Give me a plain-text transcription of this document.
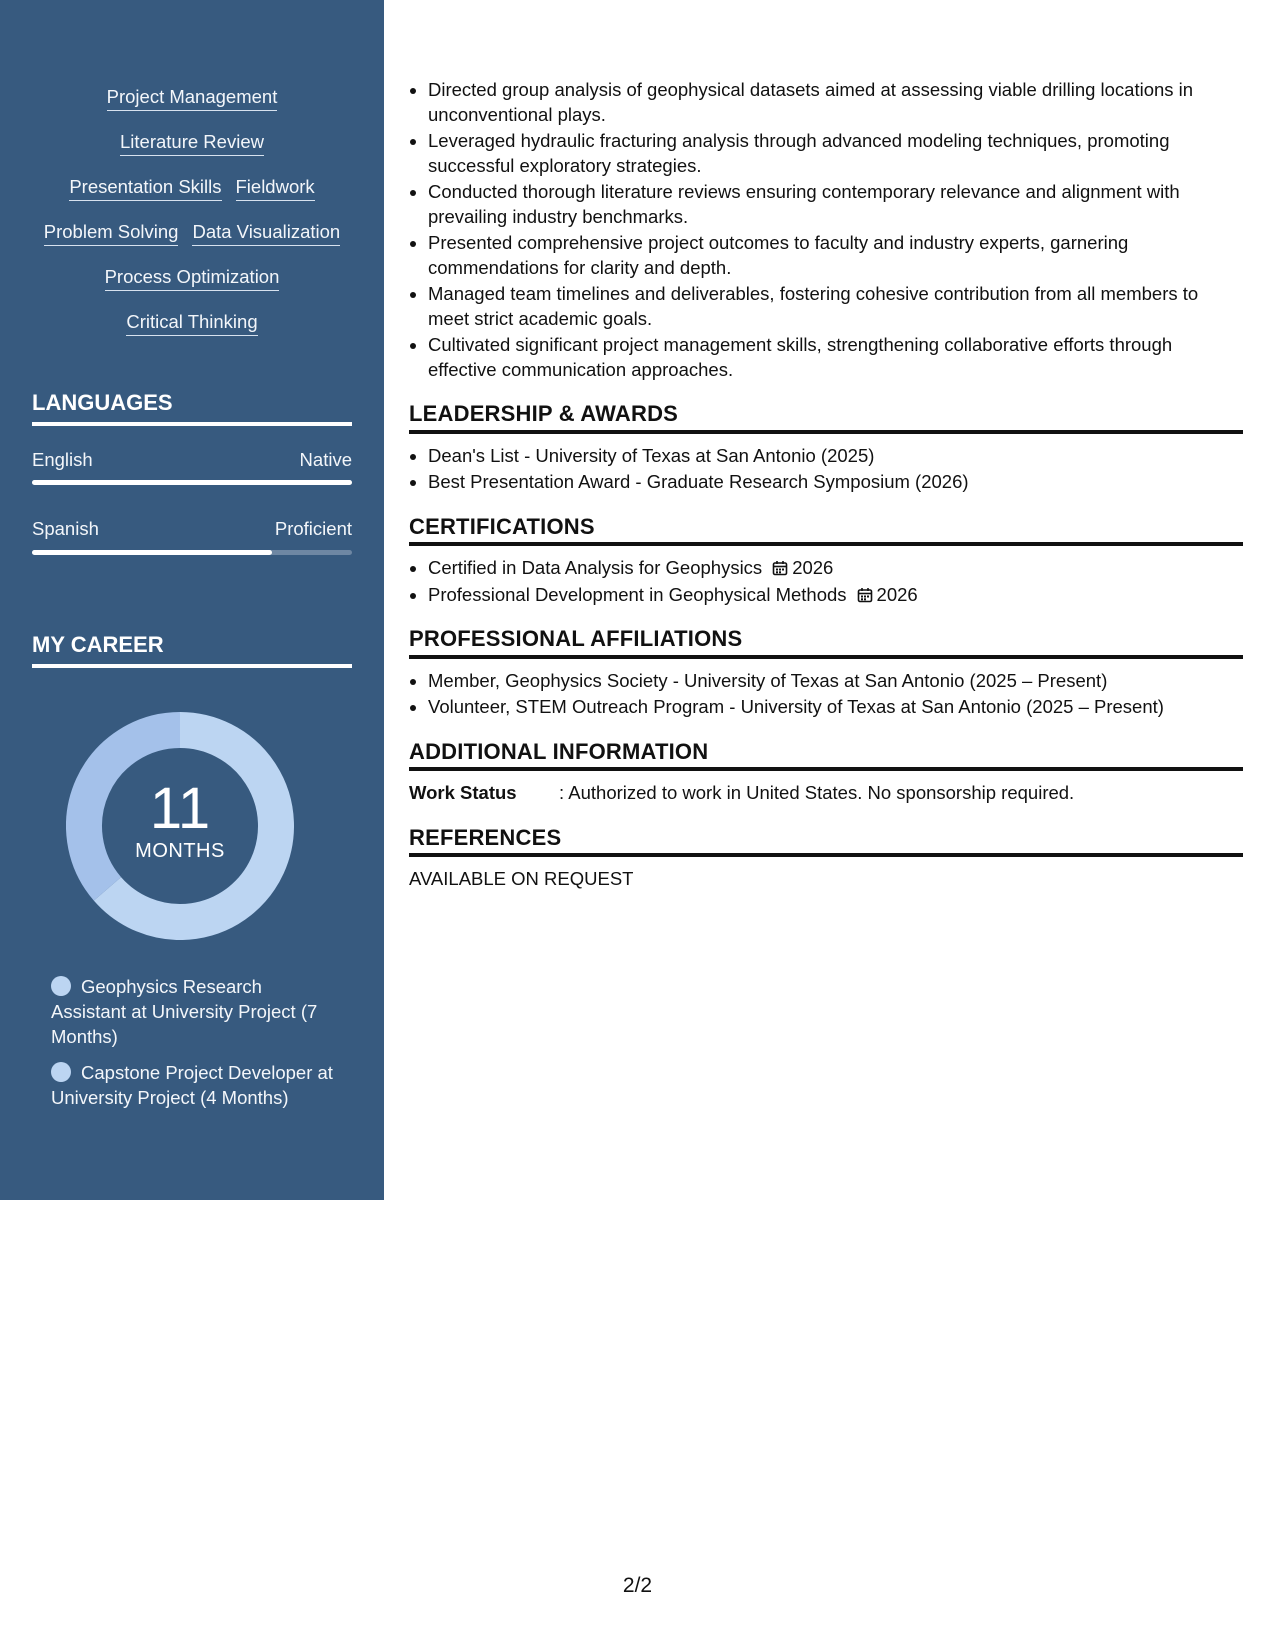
Project Management
Literature Review
Presentation Skills Fieldwork
Problem Solving Data Visualization
Process Optimization
Critical Thinking
LANGUAGES
English	Native
Spanish	Proficient
MY CAREER
11
MONTHS
Geophysics Research Assistant at University Project (7 Months)
Capstone Project Developer at University Project (4 Months)
• Directed group analysis of geophysical datasets aimed at assessing viable drilling locations in unconventional plays.
• Leveraged hydraulic fracturing analysis through advanced modeling techniques, promoting successful exploratory strategies.
• Conducted thorough literature reviews ensuring contemporary relevance and alignment with prevailing industry benchmarks.
• Presented comprehensive project outcomes to faculty and industry experts, garnering commendations for clarity and depth.
• Managed team timelines and deliverables, fostering cohesive contribution from all members to meet strict academic goals.
• Cultivated significant project management skills, strengthening collaborative efforts through effective communication approaches.
LEADERSHIP & AWARDS
• Dean's List - University of Texas at San Antonio (2025)
• Best Presentation Award - Graduate Research Symposium (2026)
CERTIFICATIONS
• Certified in Data Analysis for Geophysics 2026
• Professional Development in Geophysical Methods 2026
PROFESSIONAL AFFILIATIONS
• Member, Geophysics Society - University of Texas at San Antonio (2025 – Present)
• Volunteer, STEM Outreach Program - University of Texas at San Antonio (2025 – Present)
ADDITIONAL INFORMATION
Work Status	: Authorized to work in United States. No sponsorship required.
REFERENCES
AVAILABLE ON REQUEST
2/2
